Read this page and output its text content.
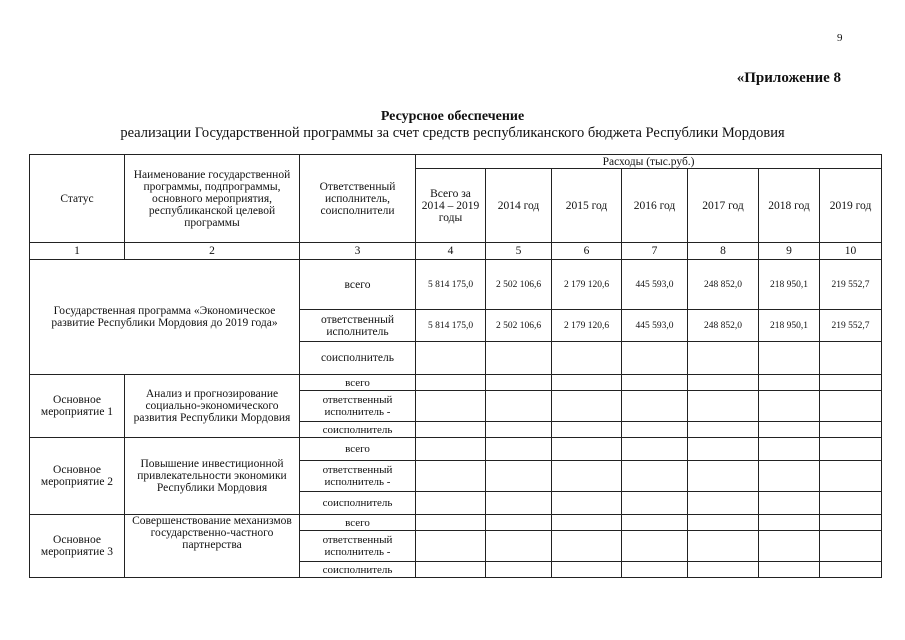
9
«Приложение 8
Ресурсное обеспечение
реализации Государственной программы за счет средств республиканского бюджета Республики Мордовия
Статус	Наименование государственной программы, подпрограммы, основного мероприятия, республиканской целевой программы	Ответственный исполнитель, соисполнители	Расходы (тыс.руб.)						
			Всего за 2014 – 2019 годы	2014 год	2015 год	2016 год	2017 год	2018 год	2019 год
1	2	3	4	5	6	7	8	9	10
Государственная программа «Экономическое развитие Республики Мордовия до 2019 года»		всего	5 814 175,0	2 502 106,6	2 179 120,6	445 593,0	248 852,0	218 950,1	219 552,7
		ответственный исполнитель	5 814 175,0	2 502 106,6	2 179 120,6	445 593,0	248 852,0	218 950,1	219 552,7
		соисполнитель							
Основное мероприятие 1	Анализ и прогнозирование социально-экономического развития Республики Мордовия	всего							
		ответственный исполнитель -							
		соисполнитель							
Основное мероприятие 2	Повышение инвестиционной привлекательности экономики Республики Мордовия	всего							
		ответственный исполнитель -							
		соисполнитель							
Основное мероприятие 3	Совершенствование механизмов государственно-частного партнерства	всего							
		ответственный исполнитель -							
		соисполнитель							
